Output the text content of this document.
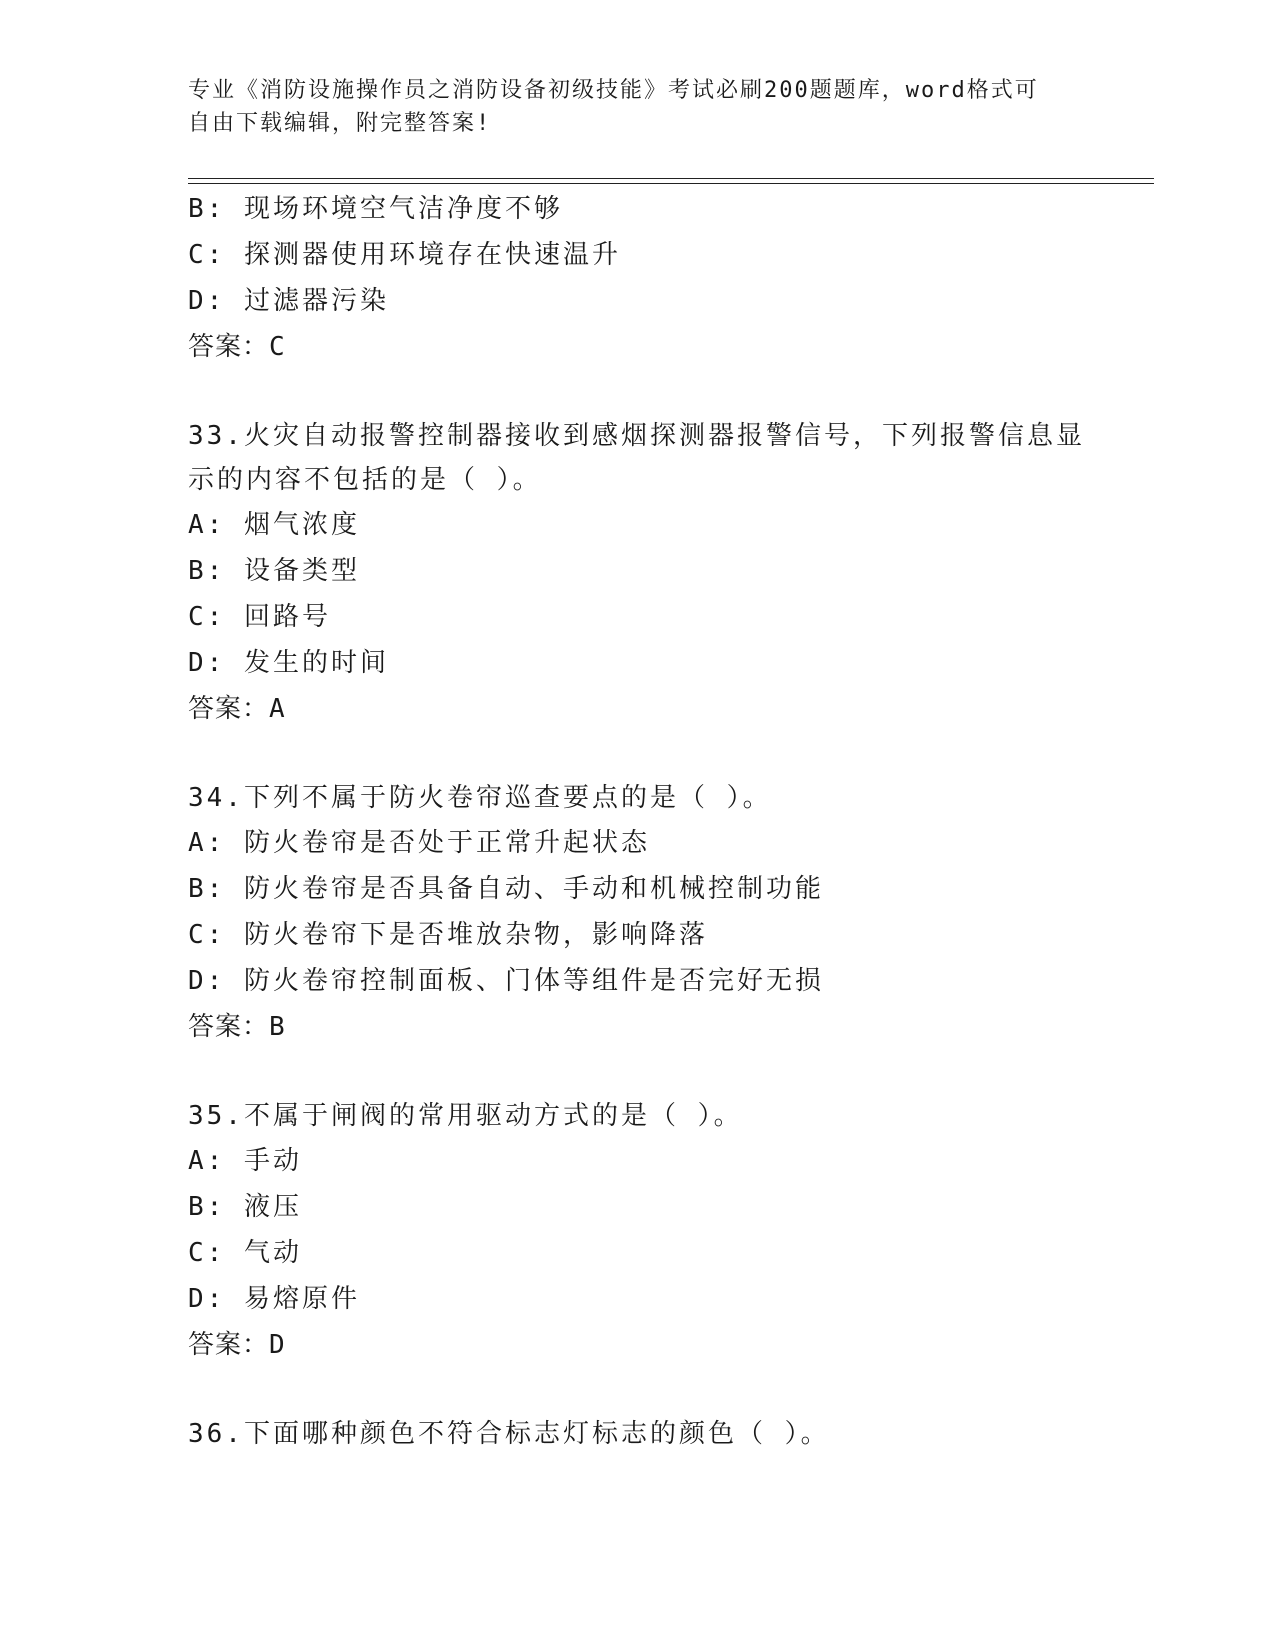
专业《消防设施操作员之消防设备初级技能》考试必刷200题题库，word格式可
自由下载编辑，附完整答案!
B: 现场环境空气洁净度不够
C: 探测器使用环境存在快速温升
D: 过滤器污染
答案：C
33.火灾自动报警控制器接收到感烟探测器报警信号，下列报警信息显
示的内容不包括的是（ ）。
A: 烟气浓度
B: 设备类型
C: 回路号
D: 发生的时间
答案：A
34.下列不属于防火卷帘巡查要点的是（ ）。
A: 防火卷帘是否处于正常升起状态
B: 防火卷帘是否具备自动、手动和机械控制功能
C: 防火卷帘下是否堆放杂物，影响降落
D: 防火卷帘控制面板、门体等组件是否完好无损
答案：B
35.不属于闸阀的常用驱动方式的是（ ）。
A: 手动
B: 液压
C: 气动
D: 易熔原件
答案：D
36.下面哪种颜色不符合标志灯标志的颜色（ ）。
